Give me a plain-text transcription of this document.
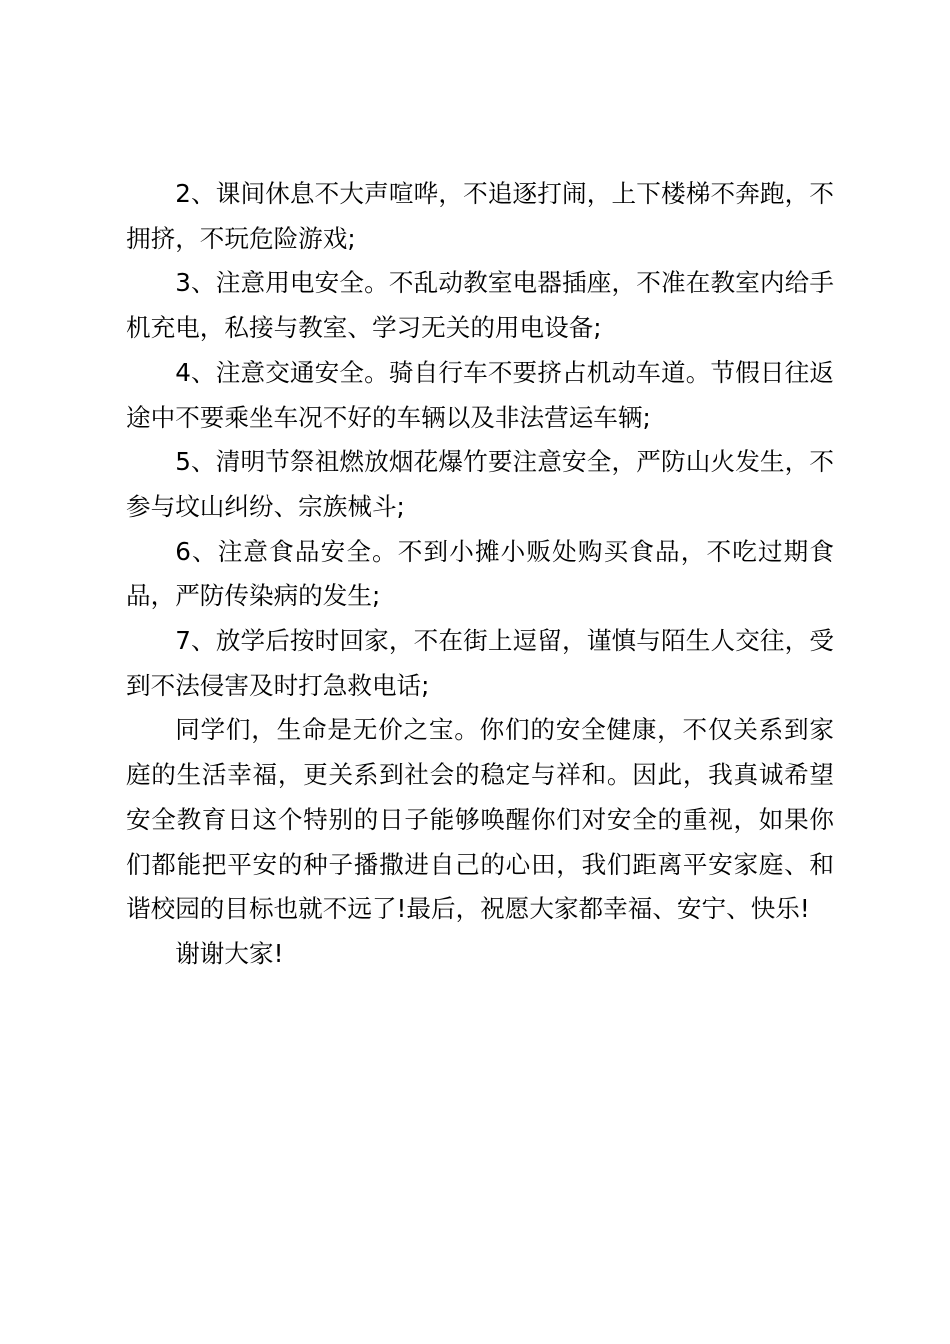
2、课间休息不大声喧哗，不追逐打闹，上下楼梯不奔跑，不拥挤，不玩危险游戏;

3、注意用电安全。不乱动教室电器插座，不准在教室内给手机充电，私接与教室、学习无关的用电设备;

4、注意交通安全。骑自行车不要挤占机动车道。节假日往返途中不要乘坐车况不好的车辆以及非法营运车辆;

5、清明节祭祖燃放烟花爆竹要注意安全，严防山火发生，不参与坟山纠纷、宗族械斗;

6、注意食品安全。不到小摊小贩处购买食品，不吃过期食品，严防传染病的发生;

7、放学后按时回家，不在街上逗留，谨慎与陌生人交往，受到不法侵害及时打急救电话;

同学们，生命是无价之宝。你们的安全健康，不仅关系到家庭的生活幸福，更关系到社会的稳定与祥和。因此，我真诚希望安全教育日这个特别的日子能够唤醒你们对安全的重视，如果你们都能把平安的种子播撒进自己的心田，我们距离平安家庭、和谐校园的目标也就不远了!最后，祝愿大家都幸福、安宁、快乐!

谢谢大家!
